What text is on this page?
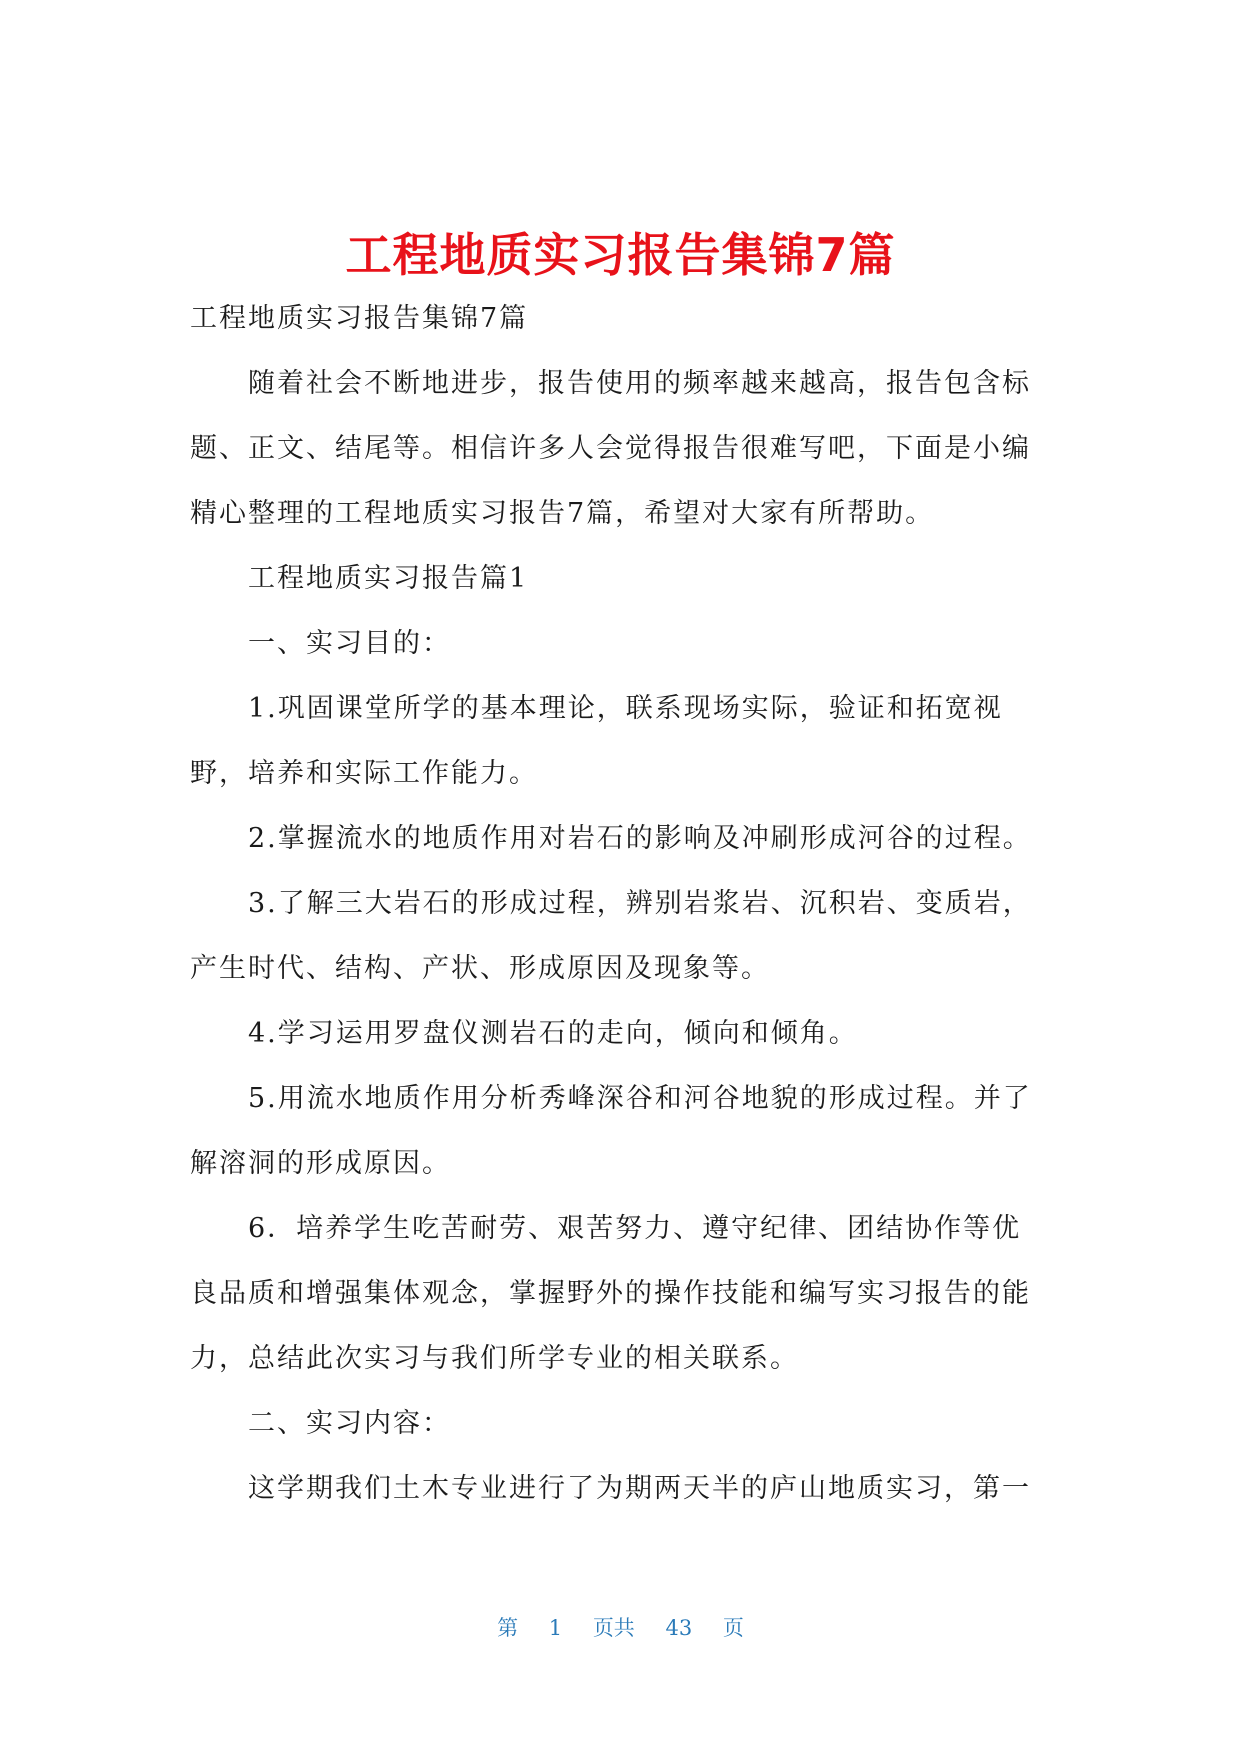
工程地质实习报告集锦7篇

工程地质实习报告集锦7篇

随着社会不断地进步，报告使用的频率越来越高，报告包含标题、正文、结尾等。相信许多人会觉得报告很难写吧，下面是小编精心整理的工程地质实习报告7篇，希望对大家有所帮助。

工程地质实习报告篇1

一、实习目的：

1.巩固课堂所学的基本理论，联系现场实际，验证和拓宽视野，培养和实际工作能力。

2.掌握流水的地质作用对岩石的影响及冲刷形成河谷的过程。

3.了解三大岩石的形成过程，辨别岩浆岩、沉积岩、变质岩，产生时代、结构、产状、形成原因及现象等。

4.学习运用罗盘仪测岩石的走向，倾向和倾角。

5.用流水地质作用分析秀峰深谷和河谷地貌的形成过程。并了解溶洞的形成原因。

6．培养学生吃苦耐劳、艰苦努力、遵守纪律、团结协作等优良品质和增强集体观念，掌握野外的操作技能和编写实习报告的能力，总结此次实习与我们所学专业的相关联系。

二、实习内容：

这学期我们土木专业进行了为期两天半的庐山地质实习，第一

第 1 页共 43 页
